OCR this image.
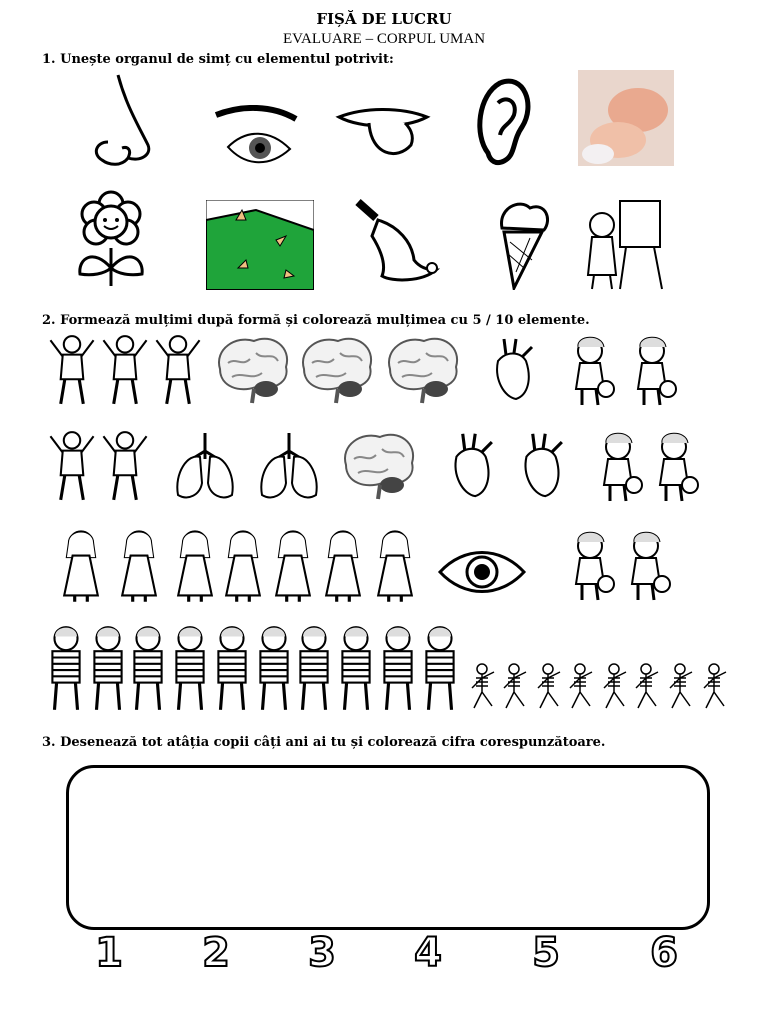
FIȘĂ DE LUCRU
EVALUARE – CORPUL UMAN
1. Unește organul de simț cu elementul potrivit:
2. Formează mulțimi după formă și colorează mulțimea cu 5 / 10 elemente.
3. Desenează tot atâția copii câți ani ai tu și colorează cifra corespunzătoare.
1 2 3 4 5 6
